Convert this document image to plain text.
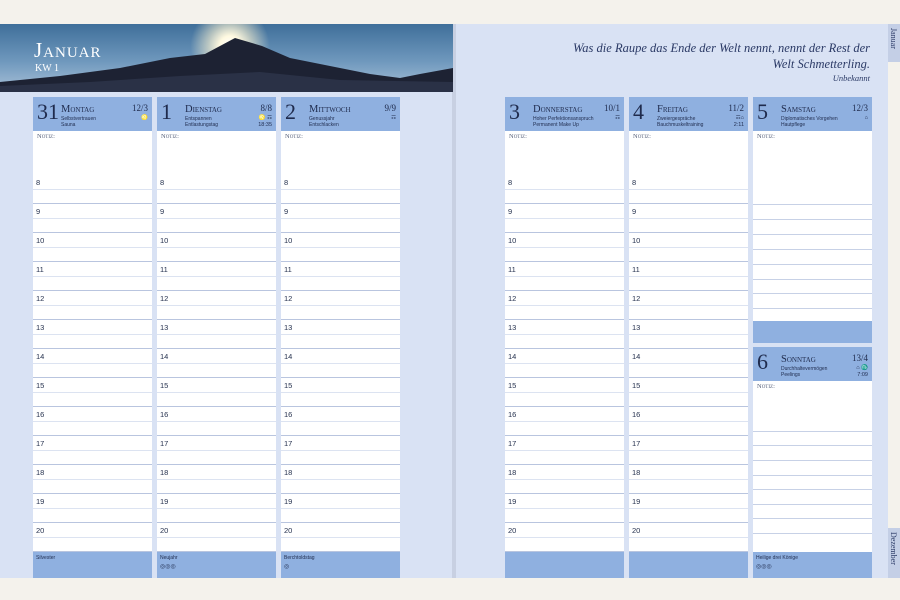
Januar
KW 1
Was die Raupe das Ende der Welt nennt, nennt der Rest der Welt Schmetterling.
Unbekannt
Januar
Dezember
31 Montag	12/3
Selbstvertrauen
Sauna
♌
Notiz:
8
9
10
11
12
13
14
15
16
17
18
19
20
Silvester
1 Dienstag	8/8
Entspannen
Entlastungstag
♌ ☶
18:35
Notiz:
8
9
10
11
12
13
14
15
16
17
18
19
20
Neujahr
◎◎◎
2 Mittwoch	9/9
Genussjahr
Entschlacken
☶
Notiz:
8
9
10
11
12
13
14
15
16
17
18
19
20
Berchtoldstag
◎
3 Donnerstag 10/1
Hoher Perfektionsanspruch
Permanent Make Up
☶
Notiz:
8
9
10
11
12
13
14
15
16
17
18
19
20
4 Freitag	11/2
Zweiergespräche
Bauchmuskeltraining
☶⌂
2:11
Notiz:
8
9
10
11
12
13
14
15
16
17
18
19
20
5 Samstag	12/3
Diplomatisches Vorgehen
Hautpflege
⌂
Notiz:
6 Sonntag	13/4
Durchhaltevermögen
Peelings
⌂ ♏
7:09
Notiz:
Heilige drei Könige
◎◎◎
